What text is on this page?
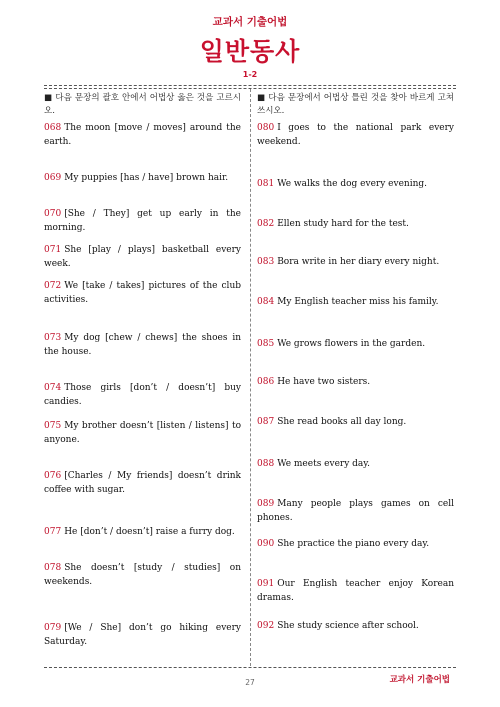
교과서 기출어법
일반동사
1-2

■ 다음 문장의 괄호 안에서 어법상 옳은 것을 고르시오.

068 The moon [move / moves] around the earth.

069 My puppies [has / have] brown hair.

070 [She / They] get up early in the morning.

071 She [play / plays] basketball every week.

072 We [take / takes] pictures of the club activities.

073 My dog [chew / chews] the shoes in the house.

074 Those girls [don’t / doesn’t] buy candies.

075 My brother doesn’t [listen / listens] to anyone.

076 [Charles / My friends] doesn’t drink coffee with sugar.

077 He [don’t / doesn’t] raise a furry dog.

078 She doesn’t [study / studies] on weekends.

079 [We / She] don’t go hiking every Saturday.

■ 다음 문장에서 어법상 틀린 것을 찾아 바르게 고쳐 쓰시오.

080 I goes to the national park every weekend.

081 We walks the dog every evening.

082 Ellen study hard for the test.

083 Bora write in her diary every night.

084 My English teacher miss his family.

085 We grows flowers in the garden.

086 He have two sisters.

087 She read books all day long.

088 We meets every day.

089 Many people plays games on cell phones.

090 She practice the piano every day.

091 Our English teacher enjoy Korean dramas.

092 She study science after school.

27	교과서 기출어법
